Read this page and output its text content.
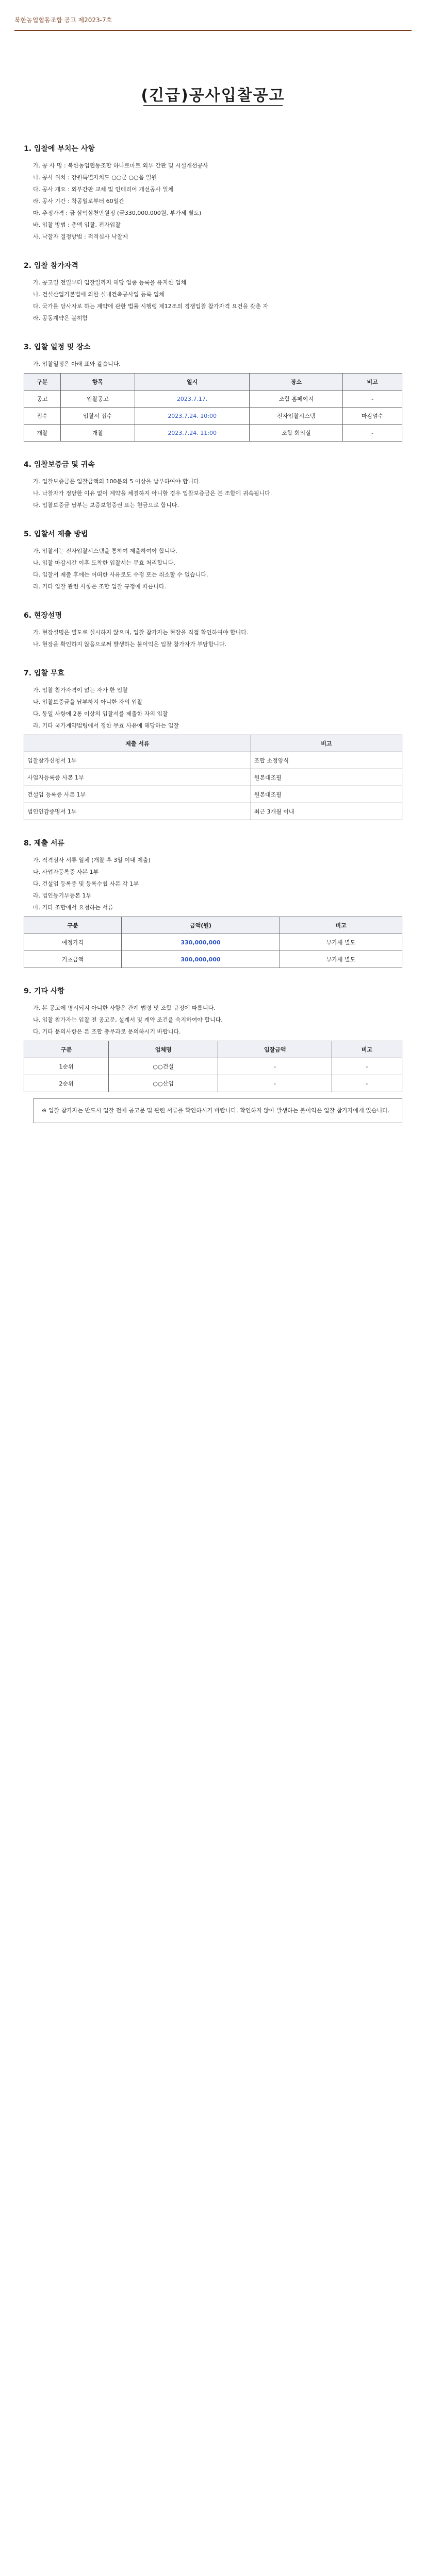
북한농업협동조합 공고 제2023-7호
(긴급)공사입찰공고
1. 입찰에 부치는 사항
가. 공 사 명 : 북한농업협동조합 하나로마트 외부 간판 및 시설개선공사
나. 공사 위치 : 강원특별자치도 ○○군 ○○읍 일원
다. 공사 개요 : 외부간판 교체 및 인테리어 개선공사 일체
라. 공사 기간 : 착공일로부터 60일간
마. 추정가격 : 금 삼억삼천만원정 (금330,000,000원, 부가세 별도)
바. 입찰 방법 : 총액 입찰, 전자입찰
사. 낙찰자 결정방법 : 적격심사 낙찰제
2. 입찰 참가자격
가. 공고일 전일부터 입찰일까지 해당 업종 등록을 유지한 업체
나. 건설산업기본법에 의한 실내건축공사업 등록 업체
다. 국가를 당사자로 하는 계약에 관한 법률 시행령 제12조의 경쟁입찰 참가자격 요건을 갖춘 자
라. 공동계약은 불허함
3. 입찰 일정 및 장소
가. 입찰일정은 아래 표와 같습니다.
구분	항목	일시	장소	비고
공고	입찰공고	2023.7.17.	조합 홈페이지	-
접수	입찰서 접수	2023.7.24. 10:00	전자입찰시스템	마감엄수
개찰	개찰	2023.7.24. 11:00	조합 회의실	-
4. 입찰보증금 및 귀속
가. 입찰보증금은 입찰금액의 100분의 5 이상을 납부하여야 합니다.
나. 낙찰자가 정당한 이유 없이 계약을 체결하지 아니할 경우 입찰보증금은 본 조합에 귀속됩니다.
다. 입찰보증금 납부는 보증보험증권 또는 현금으로 합니다.
5. 입찰서 제출 방법
가. 입찰서는 전자입찰시스템을 통하여 제출하여야 합니다.
나. 입찰 마감시간 이후 도착한 입찰서는 무효 처리합니다.
다. 입찰서 제출 후에는 어떠한 사유로도 수정 또는 취소할 수 없습니다.
라. 기타 입찰 관련 사항은 조합 입찰 규정에 따릅니다.
6. 현장설명
가. 현장설명은 별도로 실시하지 않으며, 입찰 참가자는 현장을 직접 확인하여야 합니다.
나. 현장을 확인하지 않음으로써 발생하는 불이익은 입찰 참가자가 부담합니다.
7. 입찰 무효
가. 입찰 참가자격이 없는 자가 한 입찰
나. 입찰보증금을 납부하지 아니한 자의 입찰
다. 동일 사항에 2통 이상의 입찰서를 제출한 자의 입찰
라. 기타 국가계약법령에서 정한 무효 사유에 해당하는 입찰
제출 서류	비고
입찰참가신청서 1부	조합 소정양식
사업자등록증 사본 1부	원본대조필
건설업 등록증 사본 1부	원본대조필
법인인감증명서 1부	최근 3개월 이내
8. 제출 서류
가. 적격심사 서류 일체 (개찰 후 3일 이내 제출)
나. 사업자등록증 사본 1부
다. 건설업 등록증 및 등록수첩 사본 각 1부
라. 법인등기부등본 1부
마. 기타 조합에서 요청하는 서류
구분	금액(원)	비고
예정가격	330,000,000	부가세 별도
기초금액	300,000,000	부가세 별도
9. 기타 사항
가. 본 공고에 명시되지 아니한 사항은 관계 법령 및 조합 규정에 따릅니다.
나. 입찰 참가자는 입찰 전 공고문, 설계서 및 계약 조건을 숙지하여야 합니다.
다. 기타 문의사항은 본 조합 총무과로 문의하시기 바랍니다.
구분	업체명	입찰금액	비고
1순위	○○건설	-	-
2순위	○○산업	-	-
※ 입찰 참가자는 반드시 입찰 전에 공고문 및 관련 서류를 확인하시기 바랍니다. 확인하지 않아 발생하는 불이익은 입찰 참가자에게 있습니다.
